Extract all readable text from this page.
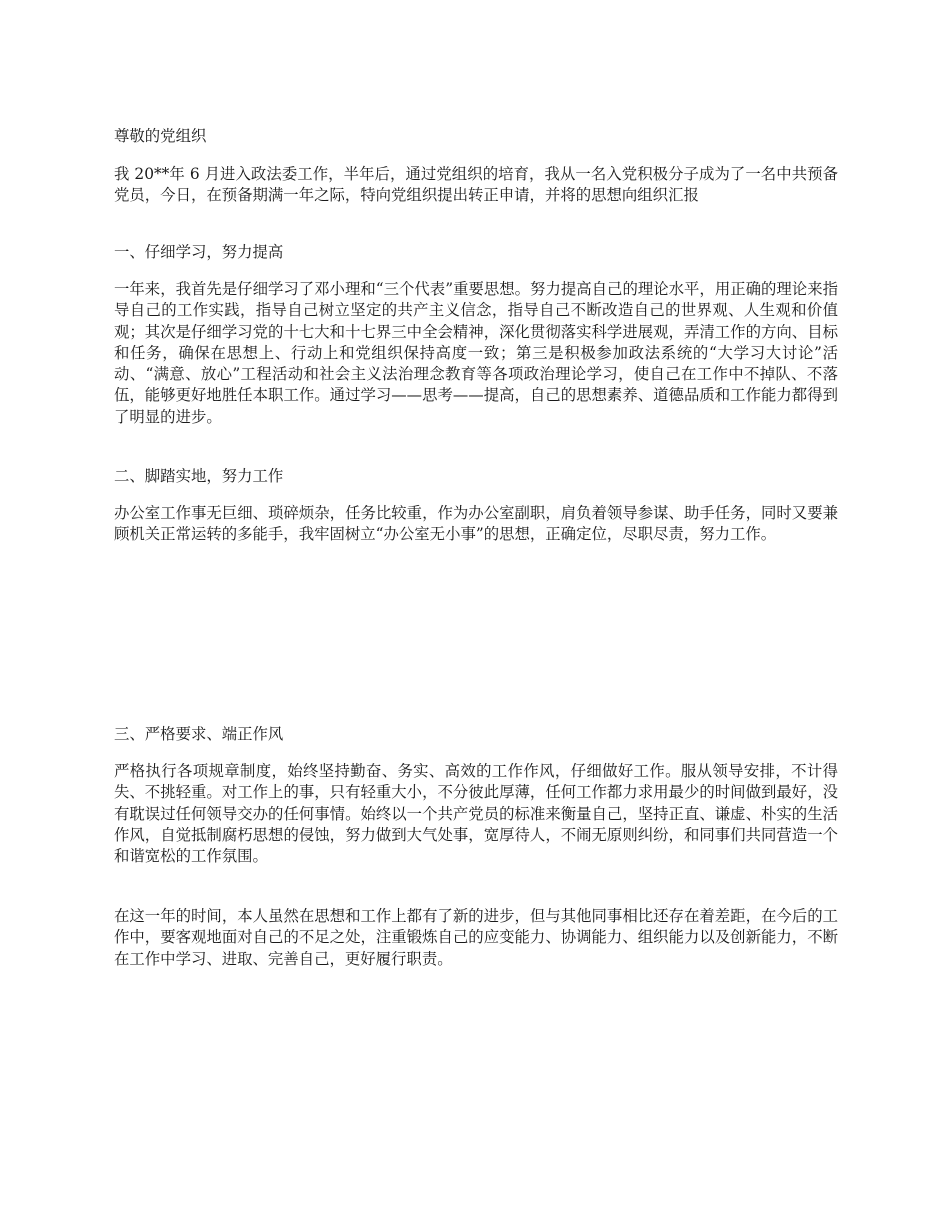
尊敬的党组织

我 20**年 6 月进入政法委工作，半年后，通过党组织的培育，我从一名入党积极分子成为了一名中共预备党员，今日，在预备期满一年之际，特向党组织提出转正申请，并将的思想向组织汇报

一、仔细学习，努力提高

一年来，我首先是仔细学习了邓小理和“三个代表”重要思想。努力提高自己的理论水平，用正确的理论来指导自己的工作实践，指导自己树立坚定的共产主义信念，指导自己不断改造自己的世界观、人生观和价值观；其次是仔细学习党的十七大和十七界三中全会精神，深化贯彻落实科学进展观，弄清工作的方向、目标和任务，确保在思想上、行动上和党组织保持高度一致；第三是积极参加政法系统的“大学习大讨论”活动、“满意、放心”工程活动和社会主义法治理念教育等各项政治理论学习，使自己在工作中不掉队、不落伍，能够更好地胜任本职工作。通过学习——思考——提高，自己的思想素养、道德品质和工作能力都得到了明显的进步。

二、脚踏实地，努力工作

办公室工作事无巨细、琐碎烦杂，任务比较重，作为办公室副职，肩负着领导参谋、助手任务，同时又要兼顾机关正常运转的多能手，我牢固树立“办公室无小事”的思想，正确定位，尽职尽责，努力工作。

三、严格要求、端正作风

严格执行各项规章制度，始终坚持勤奋、务实、高效的工作作风，仔细做好工作。服从领导安排，不计得失、不挑轻重。对工作上的事，只有轻重大小，不分彼此厚薄，任何工作都力求用最少的时间做到最好，没有耽误过任何领导交办的任何事情。始终以一个共产党员的标准来衡量自己，坚持正直、谦虚、朴实的生活作风，自觉抵制腐朽思想的侵蚀，努力做到大气处事，宽厚待人，不闹无原则纠纷，和同事们共同营造一个和谐宽松的工作氛围。

在这一年的时间，本人虽然在思想和工作上都有了新的进步，但与其他同事相比还存在着差距，在今后的工作中，要客观地面对自己的不足之处，注重锻炼自己的应变能力、协调能力、组织能力以及创新能力，不断在工作中学习、进取、完善自己，更好履行职责。
